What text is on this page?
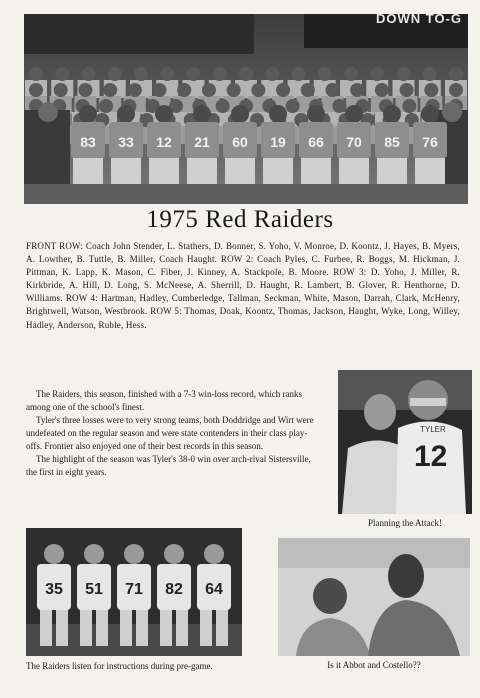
83 33 12 21 60 19 66 70 85 76
DOWN TO-G
1975 Red Raiders
FRONT ROW: Coach John Stender, L. Stathers, D. Bonner, S. Yoho, V. Monroe, D. Koontz, J. Hayes, B. Myers, A. Lowther, B. Tuttle, B. Miller, Coach Haught. ROW 2: Coach Pyles, C. Furbee, R. Boggs, M. Hickman, J. Pittman, K. Lapp, K. Mason, C. Fiber, J. Kinney, A. Stackpole, B. Moore. ROW 3: D. Yoho, J. Miller, R. Kirkbride, A. Hill, D. Long, S. McNeese, A. Sherrill, D. Haught, R. Lambert, B. Glover, R. Henthorne, D. Williams. ROW 4: Hartman, Hadley, Cumberledge, Tallman, Seckman, White, Mason, Darrah, Clark, McHenry, Brightwell, Watson, Westbrook. ROW 5: Thomas, Doak, Koontz, Thomas, Jackson, Haught, Wyke, Long, Willey, Hadley, Anderson, Ruble, Hess.

The Raiders, this season, finished with a 7-3 win-loss record, which ranks among one of the school's finest.

Tyler's three losses were to very strong teams, both Doddridge and Wirt were undefeated on the regular season and were state contenders in their class play-offs. Frontier also enjoyed one of their best records in this season.

The highlight of the season was Tyler's 38-0 win over arch-rival Sistersville, the first in eight years.

TYLER
12
Planning the Attack!
35 51 71 82 64
The Raiders listen for instructions during pre-game.	Is it Abbot and Costello??
